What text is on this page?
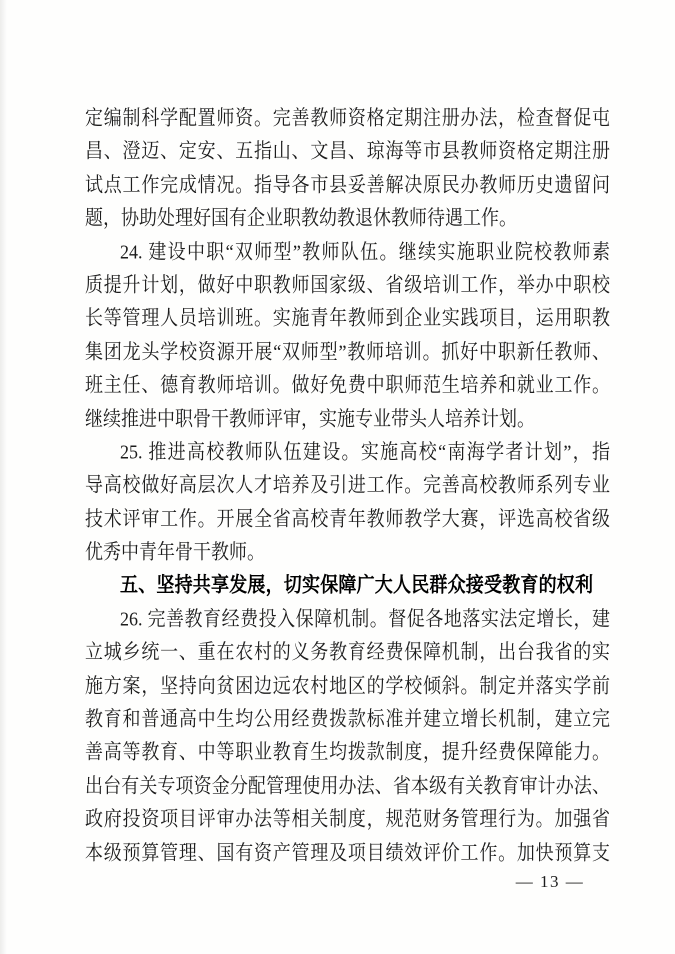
定编制科学配置师资。完善教师资格定期注册办法，检查督促屯
昌、澄迈、定安、五指山、文昌、琼海等市县教师资格定期注册
试点工作完成情况。指导各市县妥善解决原民办教师历史遗留问
题，协助处理好国有企业职教幼教退休教师待遇工作。
24. 建设中职“双师型”教师队伍。继续实施职业院校教师素
质提升计划，做好中职教师国家级、省级培训工作，举办中职校
长等管理人员培训班。实施青年教师到企业实践项目，运用职教
集团龙头学校资源开展“双师型”教师培训。抓好中职新任教师、
班主任、德育教师培训。做好免费中职师范生培养和就业工作。
继续推进中职骨干教师评审，实施专业带头人培养计划。
25. 推进高校教师队伍建设。实施高校“南海学者计划”，指
导高校做好高层次人才培养及引进工作。完善高校教师系列专业
技术评审工作。开展全省高校青年教师教学大赛，评选高校省级
优秀中青年骨干教师。
五、坚持共享发展，切实保障广大人民群众接受教育的权利
26. 完善教育经费投入保障机制。督促各地落实法定增长，建
立城乡统一、重在农村的义务教育经费保障机制，出台我省的实
施方案，坚持向贫困边远农村地区的学校倾斜。制定并落实学前
教育和普通高中生均公用经费拨款标准并建立增长机制，建立完
善高等教育、中等职业教育生均拨款制度，提升经费保障能力。
出台有关专项资金分配管理使用办法、省本级有关教育审计办法、
政府投资项目评审办法等相关制度，规范财务管理行为。加强省
本级预算管理、国有资产管理及项目绩效评价工作。加快预算支
— 13 —
